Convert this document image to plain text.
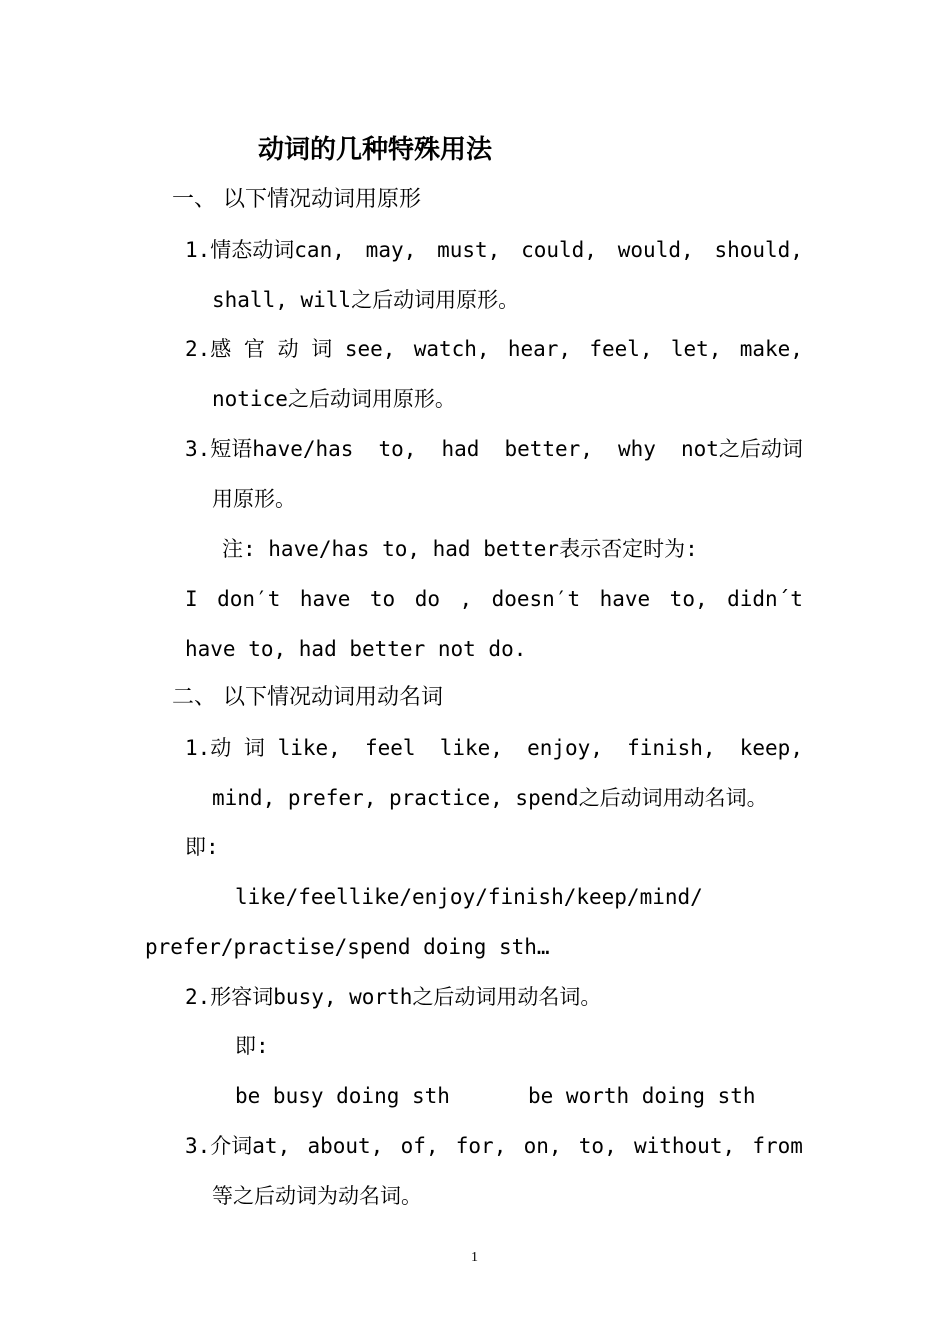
动词的几种特殊用法
一、 以下情况动词用原形
1.情态动词can, may, must, could, would, should,
shall, will之后动词用原形。
2.感 官 动 词 see, watch, hear, feel, let, make,
notice之后动词用原形。
3.短语have/has to, had better, why not之后动词
用原形。
注: have/has to, had better表示否定时为:
I don′t have to do , doesn′t have to, didn´t
have to, had better not do.
二、 以下情况动词用动名词
1.动 词 like, feel like, enjoy, finish, keep,
mind, prefer, practice, spend之后动词用动名词。
即:
like/feellike/enjoy/finish/keep/mind/
prefer/practise/spend doing sth…
2.形容词busy, worth之后动词用动名词。
即:
be busy doing sth	be worth doing sth
3.介词at, about, of, for, on, to, without, from
等之后动词为动名词。
1
